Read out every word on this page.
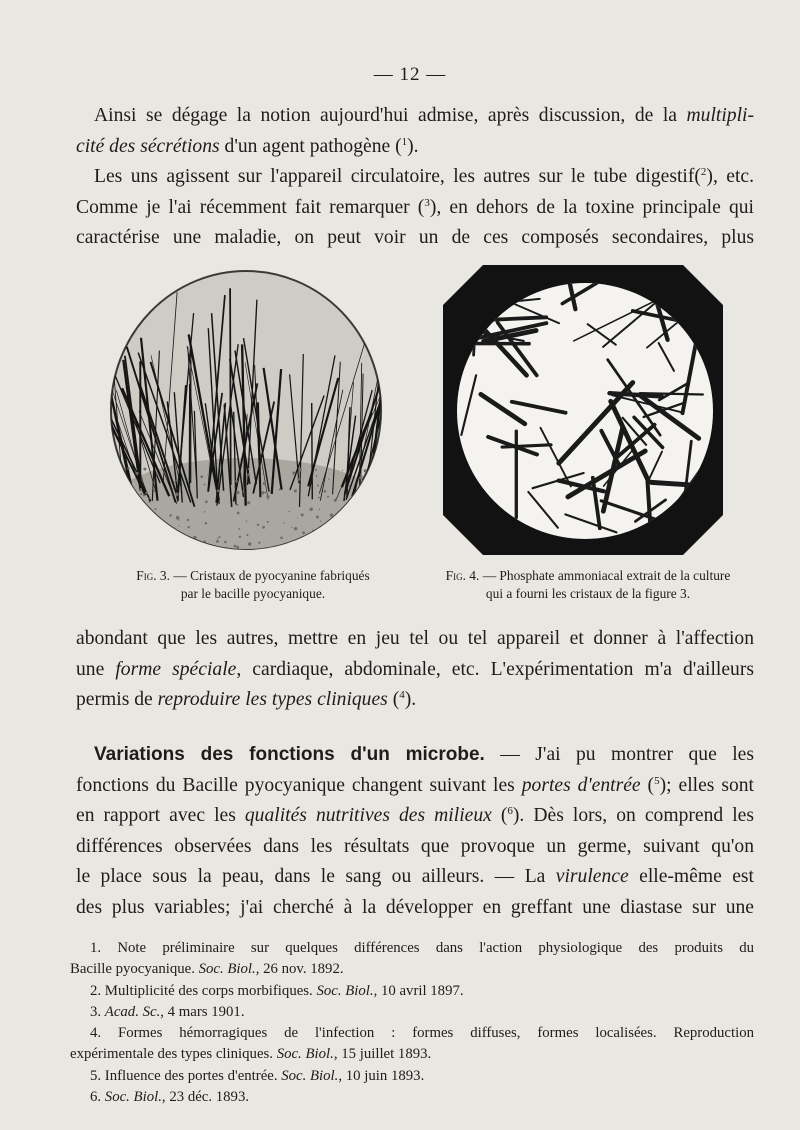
— 12 —

Ainsi se dégage la notion aujourd'hui admise, après discussion, de la multipli-
cité des sécrétions d'un agent pathogène ($^1$).

Les uns agissent sur l'appareil circulatoire, les autres sur le tube digestif($^2$), etc.
Comme je l'ai récemment fait remarquer ($^3$), en dehors de la toxine principale qui
caractérise une maladie, on peut voir un de ces composés secondaires, plus

Fig. 3. — Cristaux de pyocyanine fabriqués
par le bacille pyocyanique.
Fig. 4. — Phosphate ammoniacal extrait de la culture
qui a fourni les cristaux de la figure 3.

abondant que les autres, mettre en jeu tel ou tel appareil et donner à l'affection
une forme spéciale, cardiaque, abdominale, etc. L'expérimentation m'a d'ailleurs
permis de reproduire les types cliniques ($^4$).

Variations des fonctions d'un microbe. — J'ai pu montrer que les
fonctions du Bacille pyocyanique changent suivant les portes d'entrée ($^5$); elles sont
en rapport avec les qualités nutritives des milieux ($^6$). Dès lors, on comprend les
différences observées dans les résultats que provoque un germe, suivant qu'on
le place sous la peau, dans le sang ou ailleurs. — La virulence elle-même est
des plus variables; j'ai cherché à la développer en greffant une diastase sur une

1. Note préliminaire sur quelques différences dans l'action physiologique des produits du
Bacille pyocyanique. Soc. Biol., 26 nov. 1892.
2. Multiplicité des corps morbifiques. Soc. Biol., 10 avril 1897.
3. Acad. Sc., 4 mars 1901.
4. Formes hémorragiques de l'infection : formes diffuses, formes localisées. Reproduction
expérimentale des types cliniques. Soc. Biol., 15 juillet 1893.
5. Influence des portes d'entrée. Soc. Biol., 10 juin 1893.
6. Soc. Biol., 23 déc. 1893.
